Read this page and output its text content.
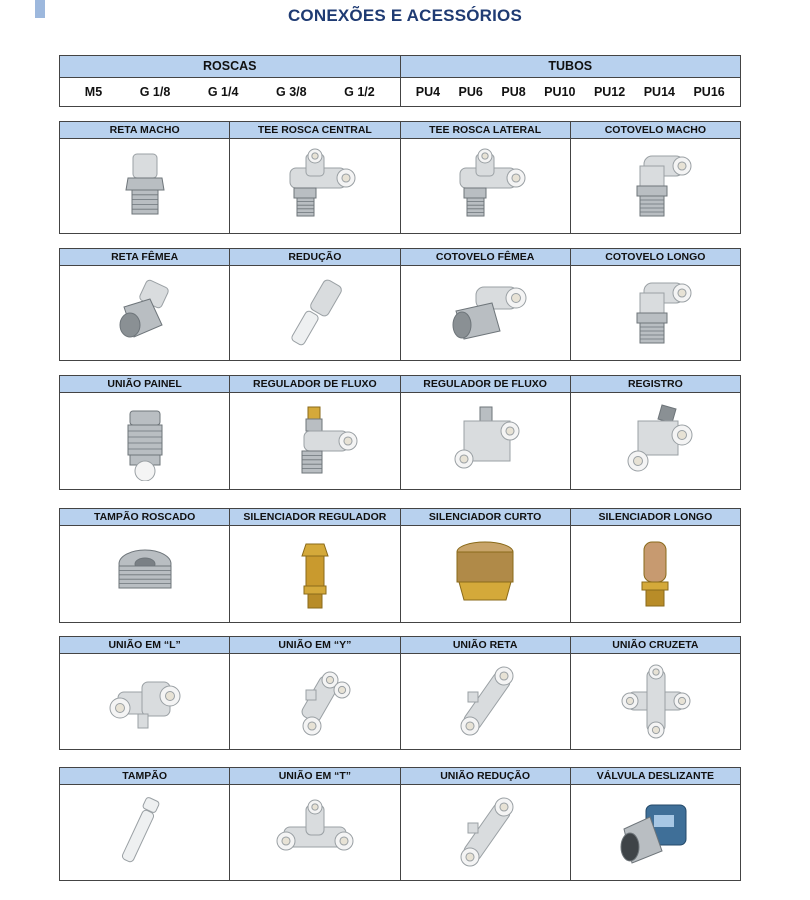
CONEXÕES E ACESSÓRIOS
ROSCAS
M5	G 1/8	G 1/4	G 3/8	G 1/2
TUBOS
PU4 PU6 PU8 PU10 PU12 PU14 PU16
RETA MACHO	TEE ROSCA CENTRAL	TEE ROSCA LATERAL	COTOVELO MACHO
RETA FÊMEA	REDUÇÃO	COTOVELO FÊMEA	COTOVELO LONGO
UNIÃO PAINEL	REGULADOR DE FLUXO	REGULADOR DE FLUXO	REGISTRO
TAMPÃO ROSCADO	SILENCIADOR REGULADOR	SILENCIADOR CURTO	SILENCIADOR LONGO
UNIÃO EM “L”	UNIÃO EM “Y”	UNIÃO RETA	UNIÃO CRUZETA
TAMPÃO	UNIÃO EM “T”	UNIÃO REDUÇÃO	VÁLVULA DESLIZANTE
